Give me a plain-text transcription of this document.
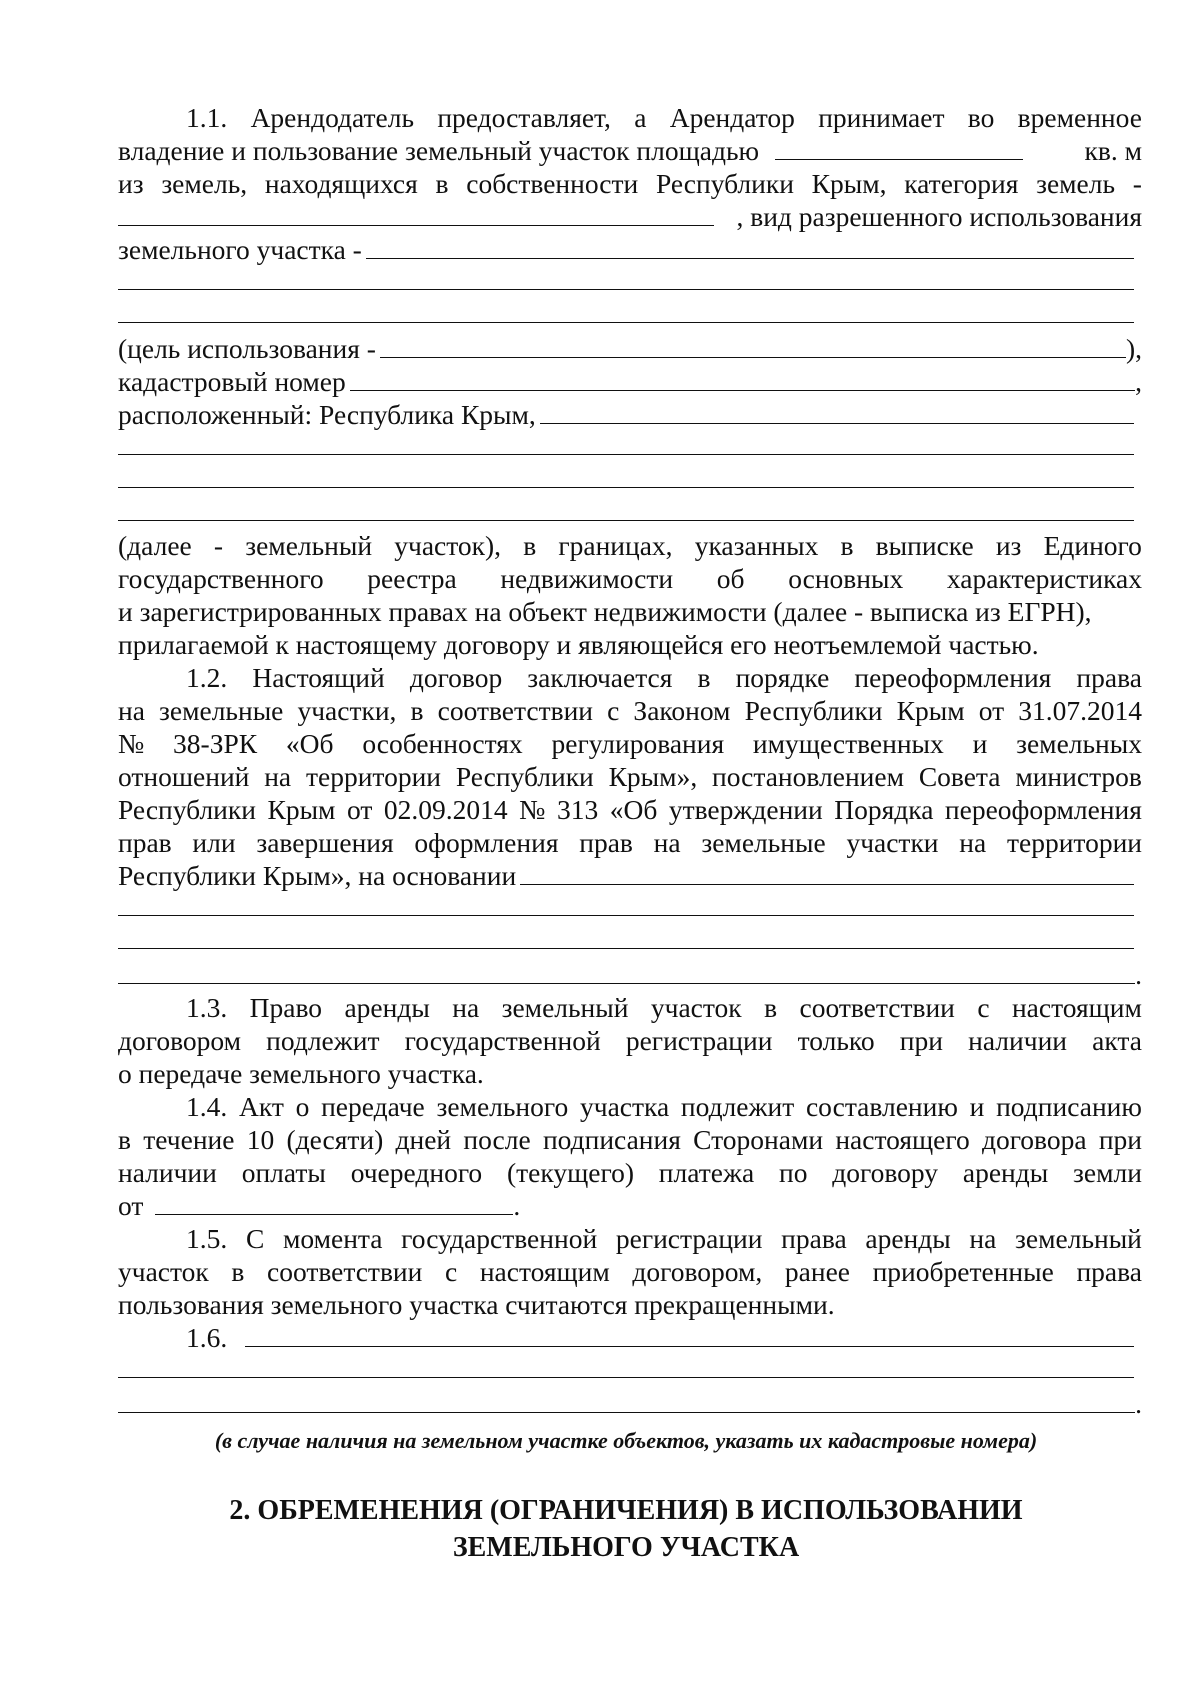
1.1. Арендодатель предоставляет, а Арендатор принимает во временное
владение и пользование земельный участок площадью	кв. м
из земель, находящихся в собственности Республики Крым, категория земель -
, вид разрешенного использования
земельного участка -
(цель использования -	),
кадастровый номер	,
расположенный: Республика Крым,
(далее - земельный участок), в границах, указанных в выписке из Единого
государственного реестра недвижимости об основных характеристиках
и зарегистрированных правах на объект недвижимости (далее - выписка из ЕГРН),
прилагаемой к настоящему договору и являющейся его неотъемлемой частью.
1.2. Настоящий договор заключается в порядке переоформления права
на земельные участки, в соответствии с Законом Республики Крым от 31.07.2014
№ 38-ЗРК «Об особенностях регулирования имущественных и земельных
отношений на территории Республики Крым», постановлением Совета министров
Республики Крым от 02.09.2014 № 313 «Об утверждении Порядка переоформления
прав или завершения оформления прав на земельные участки на территории
Республики Крым», на основании
.
1.3. Право аренды на земельный участок в соответствии с настоящим
договором подлежит государственной регистрации только при наличии акта
о передаче земельного участка.
1.4. Акт о передаче земельного участка подлежит составлению и подписанию
в течение 10 (десяти) дней после подписания Сторонами настоящего договора при
наличии оплаты очередного (текущего) платежа по договору аренды земли
от	.
1.5. С момента государственной регистрации права аренды на земельный
участок в соответствии с настоящим договором, ранее приобретенные права
пользования земельного участка считаются прекращенными.
1.6.
.
(в случае наличия на земельном участке объектов, указать их кадастровые номера)
2. ОБРЕМЕНЕНИЯ (ОГРАНИЧЕНИЯ) В ИСПОЛЬЗОВАНИИ
ЗЕМЕЛЬНОГО УЧАСТКА
